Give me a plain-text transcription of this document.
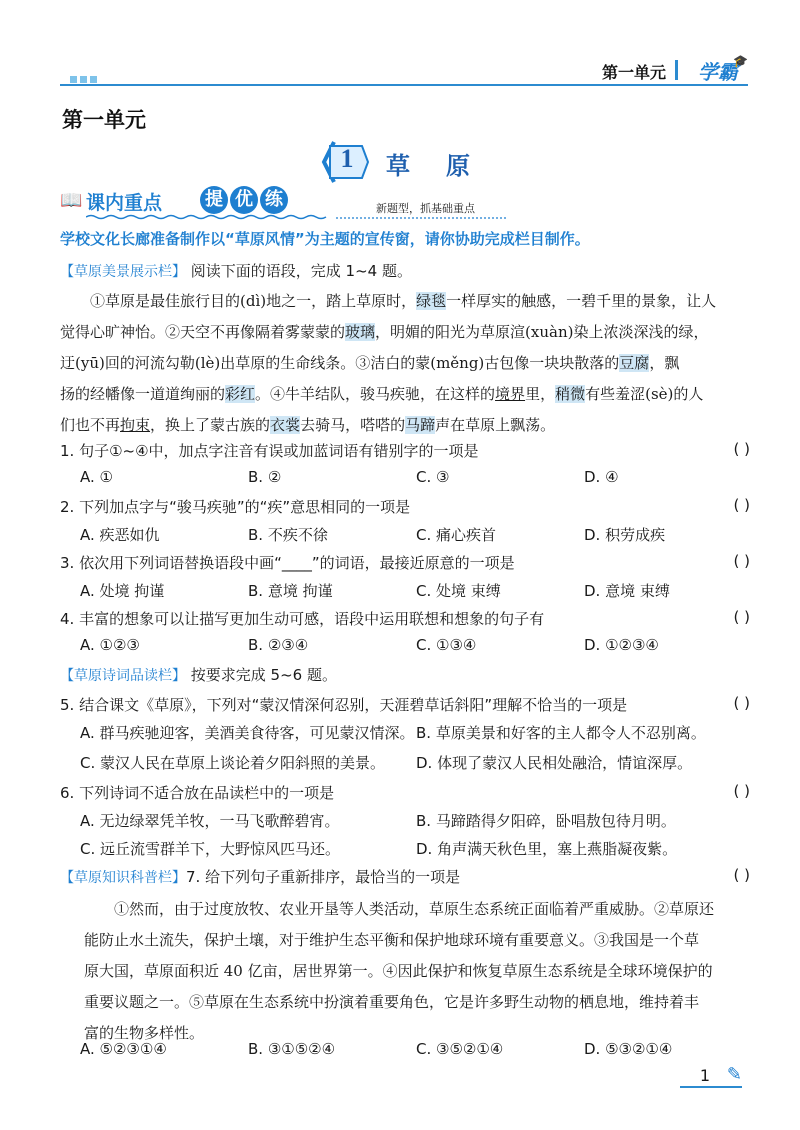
第一单元 学霸
🎓
第一单元
1	草原
📖 课内重点 提 优 练	新题型，抓基础重点
学校文化长廊准备制作以“草原风情”为主题的宣传窗，请你协助完成栏目制作。
【草原美景展示栏】 阅读下面的语段，完成 1~4 题。

①草原是最佳旅行目的(dì)地之一，踏上草原时，绿毯一样厚实的触感，一碧千里的景象，让人

觉得心旷神怡。②天空不再像隔着雾蒙蒙的玻璃，明媚的阳光为草原渲(xuàn)染上浓淡深浅的绿，

迂(yū)回的河流勾勒(lè)出草原的生命线条。③洁白的蒙(měng)古包像一块块散落的豆腐，飘

扬的经幡像一道道绚丽的彩红。④牛羊结队，骏马疾驰，在这样的境界里，稍微有些羞涩(sè)的人

们也不再拘束，换上了蒙古族的衣裳去骑马，嗒嗒的马蹄声在草原上飘荡。

1. 句子①~④中，加点字注音有误或加蓝词语有错别字的一项是	( )
A. ①	B. ②	C. ③	D. ④
2. 下列加点字与“骏马疾驰”的“疾”意思相同的一项是	( )
A. 疾恶如仇	B. 不疾不徐	C. 痛心疾首	D. 积劳成疾
3. 依次用下列词语替换语段中画“____”的词语，最接近原意的一项是	( )
A. 处境 拘谨	B. 意境 拘谨	C. 处境 束缚	D. 意境 束缚
4. 丰富的想象可以让描写更加生动可感，语段中运用联想和想象的句子有	( )
A. ①②③	B. ②③④	C. ①③④	D. ①②③④
【草原诗词品读栏】 按要求完成 5~6 题。
5. 结合课文《草原》，下列对“蒙汉情深何忍别，天涯碧草话斜阳”理解不恰当的一项是	( )
A. 群马疾驰迎客，美酒美食待客，可见蒙汉情深。 B. 草原美景和好客的主人都令人不忍别离。
C. 蒙汉人民在草原上谈论着夕阳斜照的美景。 D. 体现了蒙汉人民相处融洽，情谊深厚。
6. 下列诗词不适合放在品读栏中的一项是	( )
A. 无边绿翠凭羊牧，一马飞歌醉碧宵。	B. 马蹄踏得夕阳碎，卧唱敖包待月明。
C. 远丘流雪群羊下，大野惊风匹马还。	D. 角声满天秋色里，塞上燕脂凝夜紫。
【草原知识科普栏】7. 给下列句子重新排序，最恰当的一项是	( )

①然而，由于过度放牧、农业开垦等人类活动，草原生态系统正面临着严重威胁。②草原还

能防止水土流失，保护土壤，对于维护生态平衡和保护地球环境有重要意义。③我国是一个草

原大国，草原面积近 40 亿亩，居世界第一。④因此保护和恢复草原生态系统是全球环境保护的

重要议题之一。⑤草原在生态系统中扮演着重要角色，它是许多野生动物的栖息地，维持着丰

富的生物多样性。

A. ⑤②③①④	B. ③①⑤②④	C. ③⑤②①④	D. ⑤③②①④
1 ✎
